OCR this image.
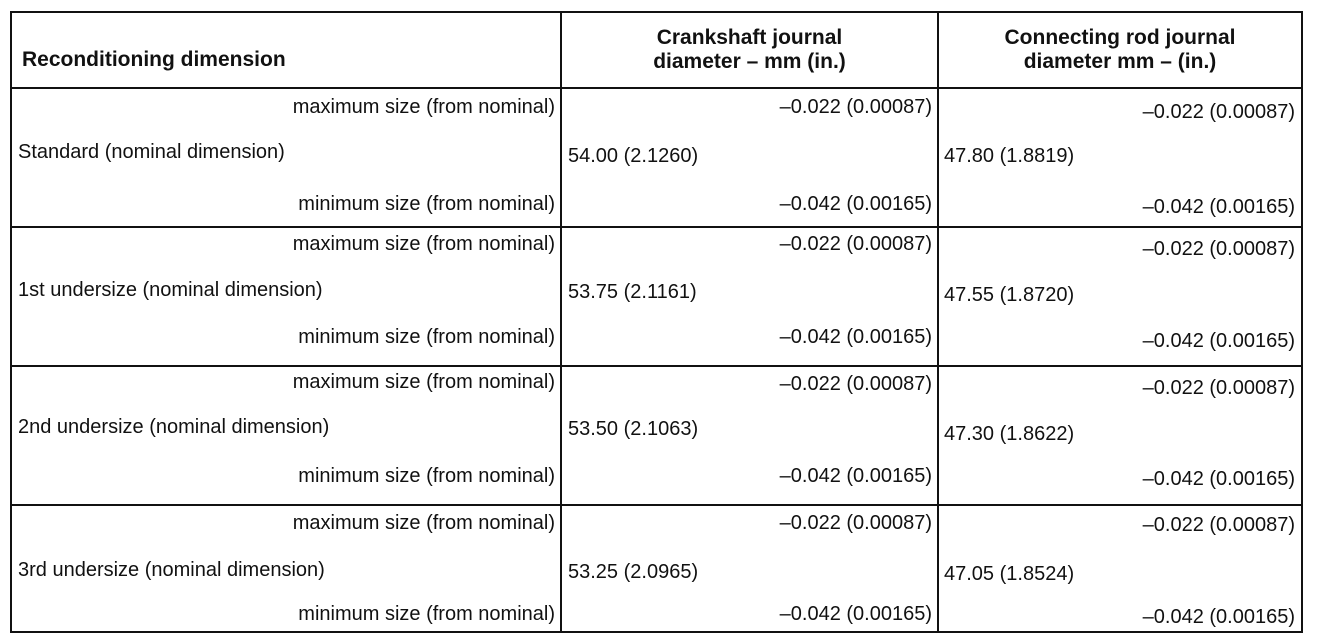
Reconditioning dimension
Crankshaft journal
diameter – mm (in.)
Connecting rod journal
diameter mm – (in.)
maximum size (from nominal)
Standard (nominal dimension)
minimum size (from nominal)
–0.022 (0.00087)
54.00 (2.1260)
–0.042 (0.00165)
–0.022 (0.00087)
47.80 (1.8819)
–0.042 (0.00165)
maximum size (from nominal)
1st undersize (nominal dimension)
minimum size (from nominal)
–0.022 (0.00087)
53.75 (2.1161)
–0.042 (0.00165)
–0.022 (0.00087)
47.55 (1.8720)
–0.042 (0.00165)
maximum size (from nominal)
2nd undersize (nominal dimension)
minimum size (from nominal)
–0.022 (0.00087)
53.50 (2.1063)
–0.042 (0.00165)
–0.022 (0.00087)
47.30 (1.8622)
–0.042 (0.00165)
maximum size (from nominal)
3rd undersize (nominal dimension)
minimum size (from nominal)
–0.022 (0.00087)
53.25 (2.0965)
–0.042 (0.00165)
–0.022 (0.00087)
47.05 (1.8524)
–0.042 (0.00165)
